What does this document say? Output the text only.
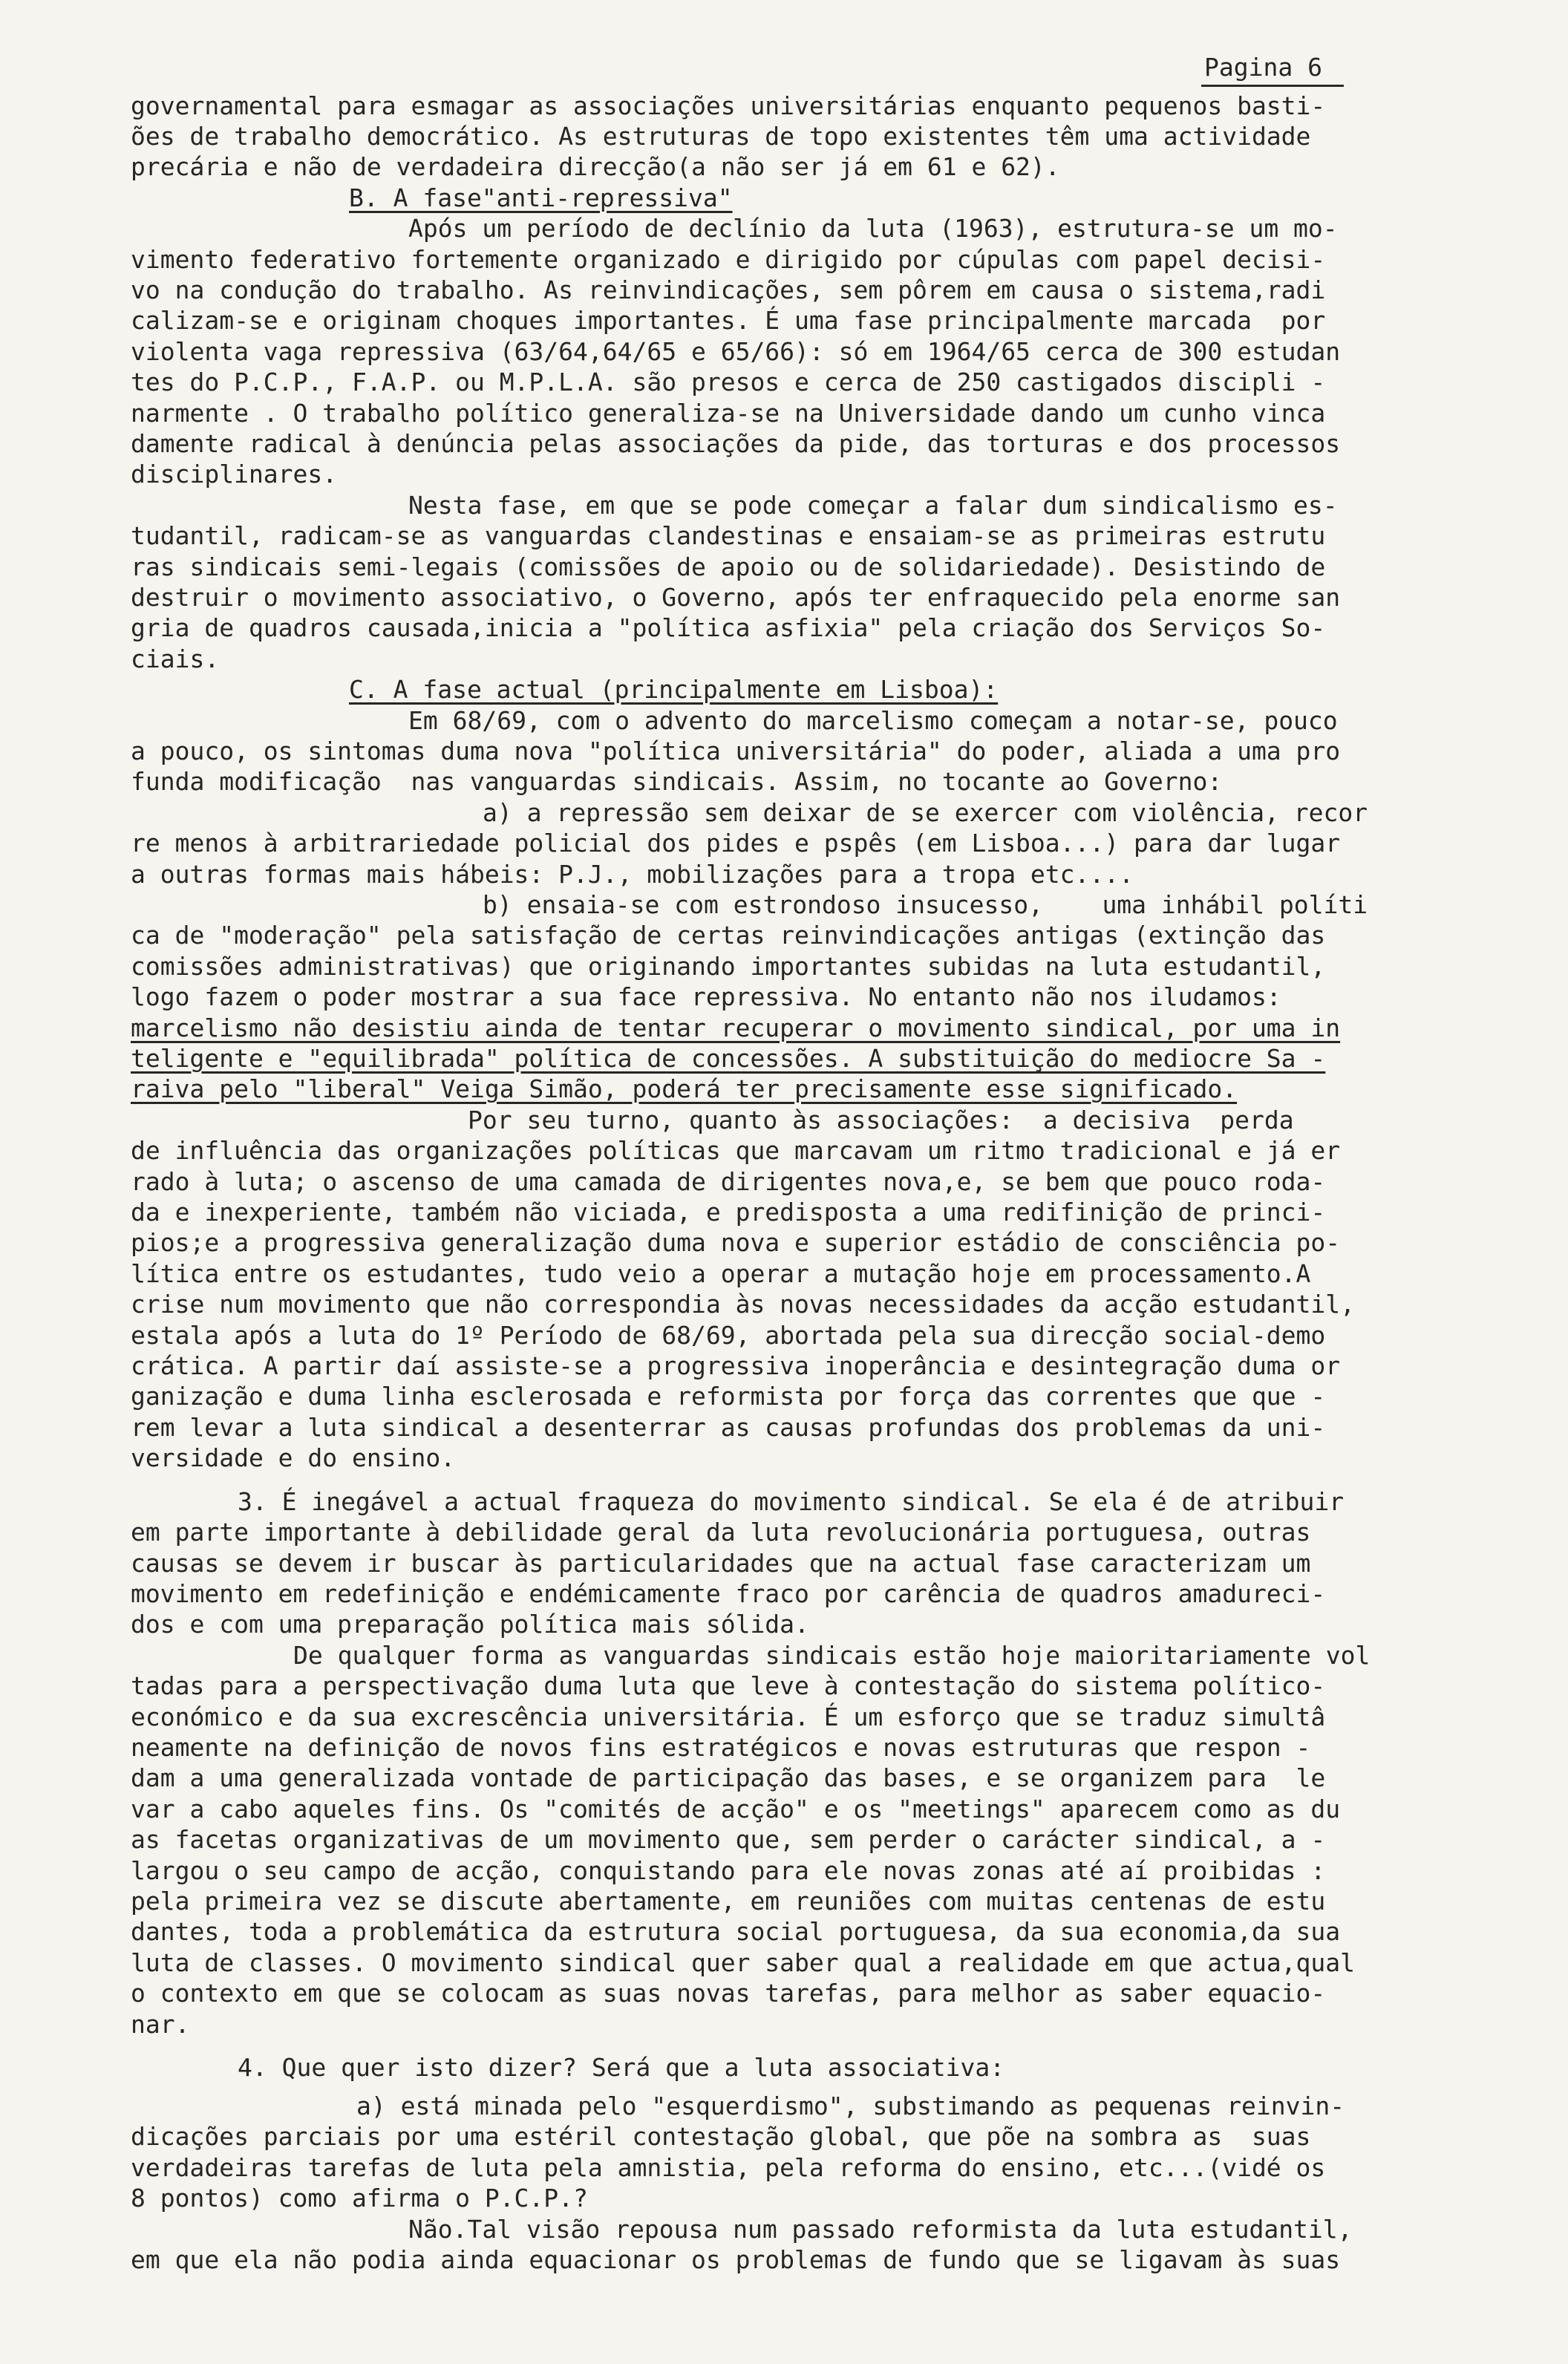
Pagina 6
governamental para esmagar as associações universitárias enquanto pequenos basti-
ões de trabalho democrático. As estruturas de topo existentes têm uma actividade
precária e não de verdadeira direcção(a não ser já em 61 e 62).
B. A fase"anti-repressiva"
Após um período de declínio da luta (1963), estrutura-se um mo-
vimento federativo fortemente organizado e dirigido por cúpulas com papel decisi-
vo na condução do trabalho. As reinvindicações, sem pôrem em causa o sistema,radi
calizam-se e originam choques importantes. É uma fase principalmente marcada  por
violenta vaga repressiva (63/64,64/65 e 65/66): só em 1964/65 cerca de 300 estudan
tes do P.C.P., F.A.P. ou M.P.L.A. são presos e cerca de 250 castigados discipli -
narmente . O trabalho político generaliza-se na Universidade dando um cunho vinca
damente radical à denúncia pelas associações da pide, das torturas e dos processos
disciplinares.
Nesta fase, em que se pode começar a falar dum sindicalismo es-
tudantil, radicam-se as vanguardas clandestinas e ensaiam-se as primeiras estrutu
ras sindicais semi-legais (comissões de apoio ou de solidariedade). Desistindo de
destruir o movimento associativo, o Governo, após ter enfraquecido pela enorme san
gria de quadros causada,inicia a "política asfixia" pela criação dos Serviços So-
ciais.
C. A fase actual (principalmente em Lisboa):
Em 68/69, com o advento do marcelismo começam a notar-se, pouco
a pouco, os sintomas duma nova "política universitária" do poder, aliada a uma pro
funda modificação  nas vanguardas sindicais. Assim, no tocante ao Governo:
a) a repressão sem deixar de se exercer com violência, recor
re menos à arbitrariedade policial dos pides e pspês (em Lisboa...) para dar lugar
a outras formas mais hábeis: P.J., mobilizações para a tropa etc....
b) ensaia-se com estrondoso insucesso,    uma inhábil políti
ca de "moderação" pela satisfação de certas reinvindicações antigas (extinção das
comissões administrativas) que originando importantes subidas na luta estudantil,
logo fazem o poder mostrar a sua face repressiva. No entanto não nos iludamos:
marcelismo não desistiu ainda de tentar recuperar o movimento sindical, por uma in
teligente e "equilibrada" política de concessões. A substituição do mediocre Sa -
raiva pelo "liberal" Veiga Simão, poderá ter precisamente esse significado.
Por seu turno, quanto às associações:  a decisiva  perda
de influência das organizações políticas que marcavam um ritmo tradicional e já er
rado à luta; o ascenso de uma camada de dirigentes nova,e, se bem que pouco roda-
da e inexperiente, também não viciada, e predisposta a uma redifinição de princi-
pios;e a progressiva generalização duma nova e superior estádio de consciência po-
lítica entre os estudantes, tudo veio a operar a mutação hoje em processamento.A
crise num movimento que não correspondia às novas necessidades da acção estudantil,
estala após a luta do 1º Período de 68/69, abortada pela sua direcção social-demo
crática. A partir daí assiste-se a progressiva inoperância e desintegração duma or
ganização e duma linha esclerosada e reformista por força das correntes que que -
rem levar a luta sindical a desenterrar as causas profundas dos problemas da uni-
versidade e do ensino.
3. É inegável a actual fraqueza do movimento sindical. Se ela é de atribuir
em parte importante à debilidade geral da luta revolucionária portuguesa, outras
causas se devem ir buscar às particularidades que na actual fase caracterizam um
movimento em redefinição e endémicamente fraco por carência de quadros amadureci-
dos e com uma preparação política mais sólida.
De qualquer forma as vanguardas sindicais estão hoje maioritariamente vol
tadas para a perspectivação duma luta que leve à contestação do sistema político-
económico e da sua excrescência universitária. É um esforço que se traduz simultâ
neamente na definição de novos fins estratégicos e novas estruturas que respon -
dam a uma generalizada vontade de participação das bases, e se organizem para  le
var a cabo aqueles fins. Os "comités de acção" e os "meetings" aparecem como as du
as facetas organizativas de um movimento que, sem perder o carácter sindical, a -
largou o seu campo de acção, conquistando para ele novas zonas até aí proibidas :
pela primeira vez se discute abertamente, em reuniões com muitas centenas de estu
dantes, toda a problemática da estrutura social portuguesa, da sua economia,da sua
luta de classes. O movimento sindical quer saber qual a realidade em que actua,qual
o contexto em que se colocam as suas novas tarefas, para melhor as saber equacio-
nar.
4. Que quer isto dizer? Será que a luta associativa:
a) está minada pelo "esquerdismo", substimando as pequenas reinvin-
dicações parciais por uma estéril contestação global, que põe na sombra as  suas
verdadeiras tarefas de luta pela amnistia, pela reforma do ensino, etc...(vidé os
8 pontos) como afirma o P.C.P.?
Não.Tal visão repousa num passado reformista da luta estudantil,
em que ela não podia ainda equacionar os problemas de fundo que se ligavam às suas
